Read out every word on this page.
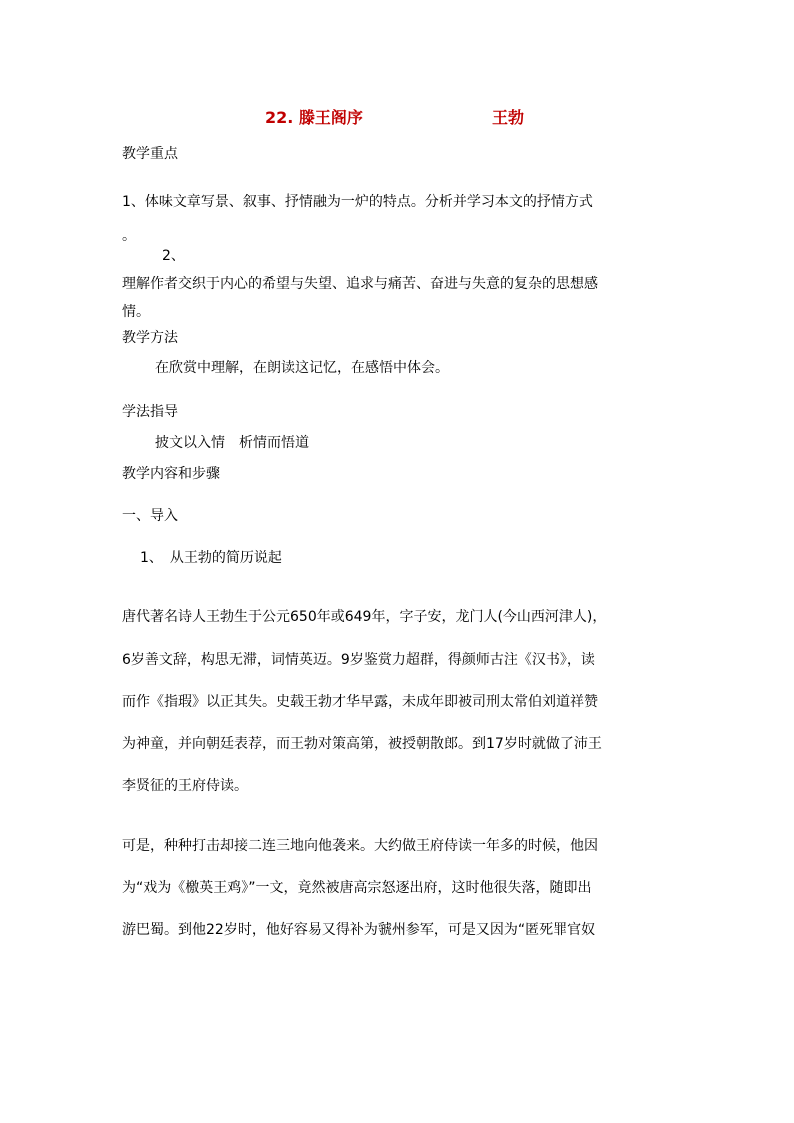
22. 滕王阁序	王勃
教学重点
1、体味文章写景、叙事、抒情融为一炉的特点。分析并学习本文的抒情方式
。
2、
理解作者交织于内心的希望与失望、追求与痛苦、奋进与失意的复杂的思想感
情。
教学方法
在欣赏中理解，在朗读这记忆，在感悟中体会。
学法指导
披文以入情　析情而悟道
教学内容和步骤
一、导入
1、　从王勃的简历说起
唐代著名诗人王勃生于公元650年或649年，字子安，龙门人(今山西河津人)，
6岁善文辞，构思无滞，词情英迈。9岁鉴赏力超群，得颜师古注《汉书》，读
而作《指瑕》以正其失。史载王勃才华早露，未成年即被司刑太常伯刘道祥赞
为神童，并向朝廷表荐，而王勃对策高第，被授朝散郎。到17岁时就做了沛王
李贤征的王府侍读。
可是，种种打击却接二连三地向他袭来。大约做王府侍读一年多的时候，他因
为“戏为《檄英王鸡》”一文，竟然被唐高宗怒逐出府，这时他很失落，随即出
游巴蜀。到他22岁时，他好容易又得补为虢州参军，可是又因为“匿死罪官奴
